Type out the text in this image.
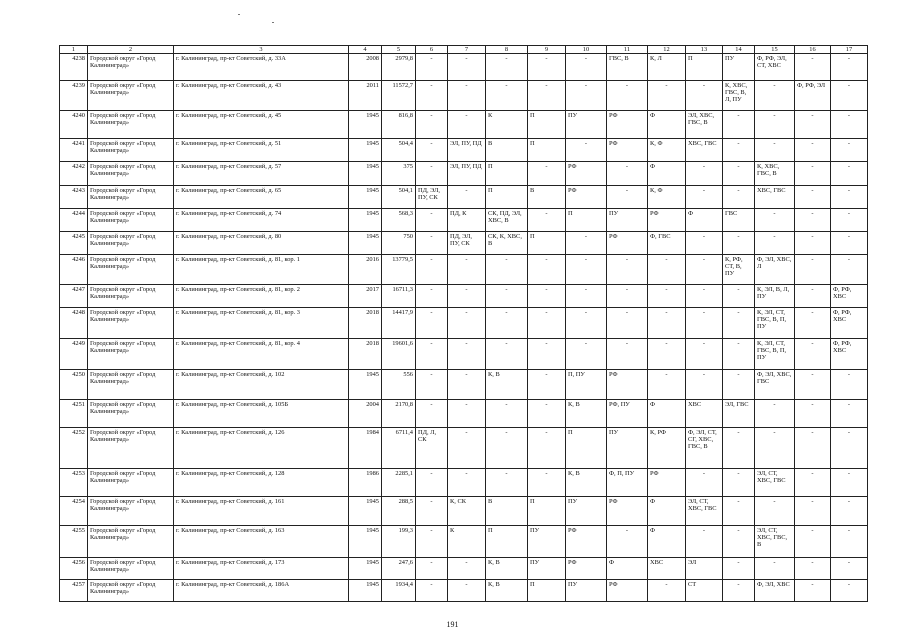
1	2	3	4	5	6	7	8	9	10	11	12	13	14	15	16	17
4238	Городской округ «Город Калининград»	г. Калининград, пр-кт Советский, д. 33А	2008	2979,8	-	-	-	-	-	ГВС, В	К, Л	П	ПУ	Ф, РФ, ЭЛ, СТ, ХВС	-	-
4239	Городской округ «Город Калининград»	г. Калининград, пр-кт Советский, д. 43	2011	11572,7	-	-	-	-	-	-	-	-	К, ХВС, ГВС, В, Л, ПУ	-	Ф, РФ, ЭЛ	-
4240	Городской округ «Город Калининград»	г. Калининград, пр-кт Советский, д. 45	1945	816,8	-	-	К	П	ПУ	РФ	Ф	ЭЛ, ХВС, ГВС, В	-	-	-	-
4241	Городской округ «Город Калининград»	г. Калининград, пр-кт Советский, д. 51	1945	504,4	-	ЭЛ, ПУ, ПД	В	П	-	РФ	К, Ф	ХВС, ГВС	-	-	-	-
4242	Городской округ «Город Калининград»	г. Калининград, пр-кт Советский, д. 57	1945	375	-	ЭЛ, ПУ, ПД	П	-	РФ	-	Ф	-	-	К, ХВС, ГВС, В	-	-
4243	Городской округ «Город Калининград»	г. Калининград, пр-кт Советский, д. 65	1945	504,1	ПД, ЭЛ, ПУ, СК	-	П	В	РФ	-	К, Ф	-	-	ХВС, ГВС	-	-
4244	Городской округ «Город Калининград»	г. Калининград, пр-кт Советский, д. 74	1945	568,3	-	ПД, К	СК, ПД, ЭЛ, ХВС, В	-	П	ПУ	РФ	Ф	ГВС	-	-	-
4245	Городской округ «Город Калининград»	г. Калининград, пр-кт Советский, д. 80	1945	750	-	ПД, ЭЛ, ПУ, СК	СК, К, ХВС, В	П	-	РФ	Ф, ГВС	-	-	-	-	-
4246	Городской округ «Город Калининград»	г. Калининград, пр-кт Советский, д. 81, кор. 1	2016	13779,5	-	-	-	-	-	-	-	-	К, РФ, СТ, В, ПУ	Ф, ЭЛ, ХВС, Л	-	-
4247	Городской округ «Город Калининград»	г. Калининград, пр-кт Советский, д. 81, кор. 2	2017	16711,3	-	-	-	-	-	-	-	-	-	К, ЭЛ, В, Л, ПУ	-	Ф, РФ, ХВС
4248	Городской округ «Город Калининград»	г. Калининград, пр-кт Советский, д. 81, кор. 3	2018	14417,9	-	-	-	-	-	-	-	-	-	К, ЭЛ, СТ, ГВС, В, П, ПУ	-	Ф, РФ, ХВС
4249	Городской округ «Город Калининград»	г. Калининград, пр-кт Советский, д. 81, кор. 4	2018	19601,6	-	-	-	-	-	-	-	-	-	К, ЭЛ, СТ, ГВС, В, П, ПУ	-	Ф, РФ, ХВС
4250	Городской округ «Город Калининград»	г. Калининград, пр-кт Советский, д. 102	1945	556	-	-	К, В	-	П, ПУ	РФ	-	-	-	Ф, ЭЛ, ХВС, ГВС	-	-
4251	Городской округ «Город Калининград»	г. Калининград, пр-кт Советский, д. 105Б	2004	2170,8	-	-	-	-	К, В	РФ, ПУ	Ф	ХВС	ЭЛ, ГВС	-	-	-
4252	Городской округ «Город Калининград»	г. Калининград, пр-кт Советский, д. 126	1984	6711,4	ПД, Л, СК	-	-	-	П	ПУ	К, РФ	Ф, ЭЛ, СТ, СГ, ХВС, ГВС, В	-	-	-	-
4253	Городской округ «Город Калининград»	г. Калининград, пр-кт Советский, д. 128	1986	2285,1	-	-	-	-	К, В	Ф, П, ПУ	РФ	-	-	ЭЛ, СТ, ХВС, ГВС	-	-
4254	Городской округ «Город Калининград»	г. Калининград, пр-кт Советский, д. 161	1945	288,5	-	К, СК	В	П	ПУ	РФ	Ф	ЭЛ, СТ, ХВС, ГВС	-	-	-	-
4255	Городской округ «Город Калининград»	г. Калининград, пр-кт Советский, д. 163	1945	199,3	-	К	П	ПУ	РФ	-	Ф	-	-	ЭЛ, СТ, ХВС, ГВС, В	-	-
4256	Городской округ «Город Калининград»	г. Калининград, пр-кт Советский, д. 173	1945	247,6	-	-	К, В	ПУ	РФ	Ф	ХВС	ЭЛ	-	-	-	-
4257	Городской округ «Город Калининград»	г. Калининград, пр-кт Советский, д. 186А	1945	1934,4	-	-	К, В	П	ПУ	РФ	-	СТ	-	Ф, ЭЛ, ХВС	-	-
191
